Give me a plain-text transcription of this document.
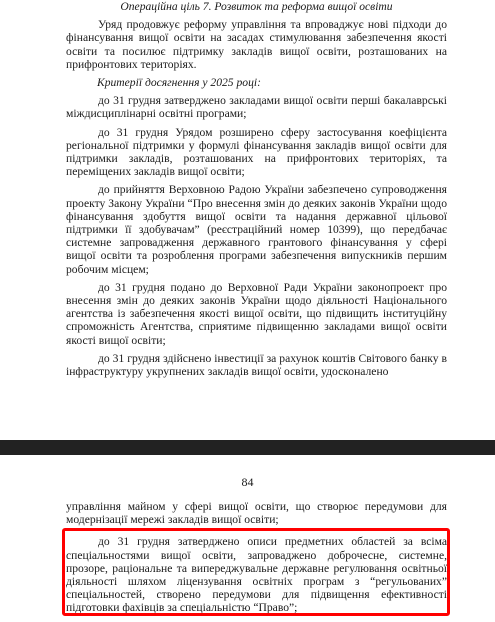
Операційна ціль 7. Розвиток та реформа вищої освіти

Уряд продовжує реформу управління та впроваджує нові підходи до фінансування вищої освіти на засадах стимулювання забезпечення якості освіти та посилює підтримку закладів вищої освіти, розташованих на прифронтових територіях.

Критерії досягнення у 2025 році:

до 31 грудня затверджено закладами вищої освіти перші бакалаврські міждисциплінарні освітні програми;

до 31 грудня Урядом розширено сферу застосування коефіцієнта регіональної підтримки у формулі фінансування закладів вищої освіти для підтримки закладів, розташованих на прифронтових територіях, та переміщених закладів вищої освіти;

до прийняття Верховною Радою України забезпечено супроводження проекту Закону України “Про внесення змін до деяких законів України щодо фінансування здобуття вищої освіти та надання державної цільової підтримки її здобувачам” (реєстраційний номер 10399), що передбачає системне запровадження державного грантового фінансування у сфері вищої освіти та розроблення програми забезпечення випускників першим робочим місцем;

до 31 грудня подано до Верховної Ради України законопроект про внесення змін до деяких законів України щодо діяльності Національного агентства із забезпечення якості вищої освіти, що підвищить інституційну спроможність Агентства, сприятиме підвищенню закладами вищої освіти якості вищої освіти;

до 31 грудня здійснено інвестиції за рахунок коштів Світового банку в інфраструктуру укрупнених закладів вищої освіти, удосконалено

84

управління майном у сфері вищої освіти, що створює передумови для модернізації мережі закладів вищої освіти;

до 31 грудня затверджено описи предметних областей за всіма спеціальностями вищої освіти, запроваджено доброчесне, системне, прозоре, раціональне та випереджувальне державне регулювання освітньої діяльності шляхом ліцензування освітніх програм з “регульованих” спеціальностей, створено передумови для підвищення ефективності підготовки фахівців за спеціальністю “Право”;
